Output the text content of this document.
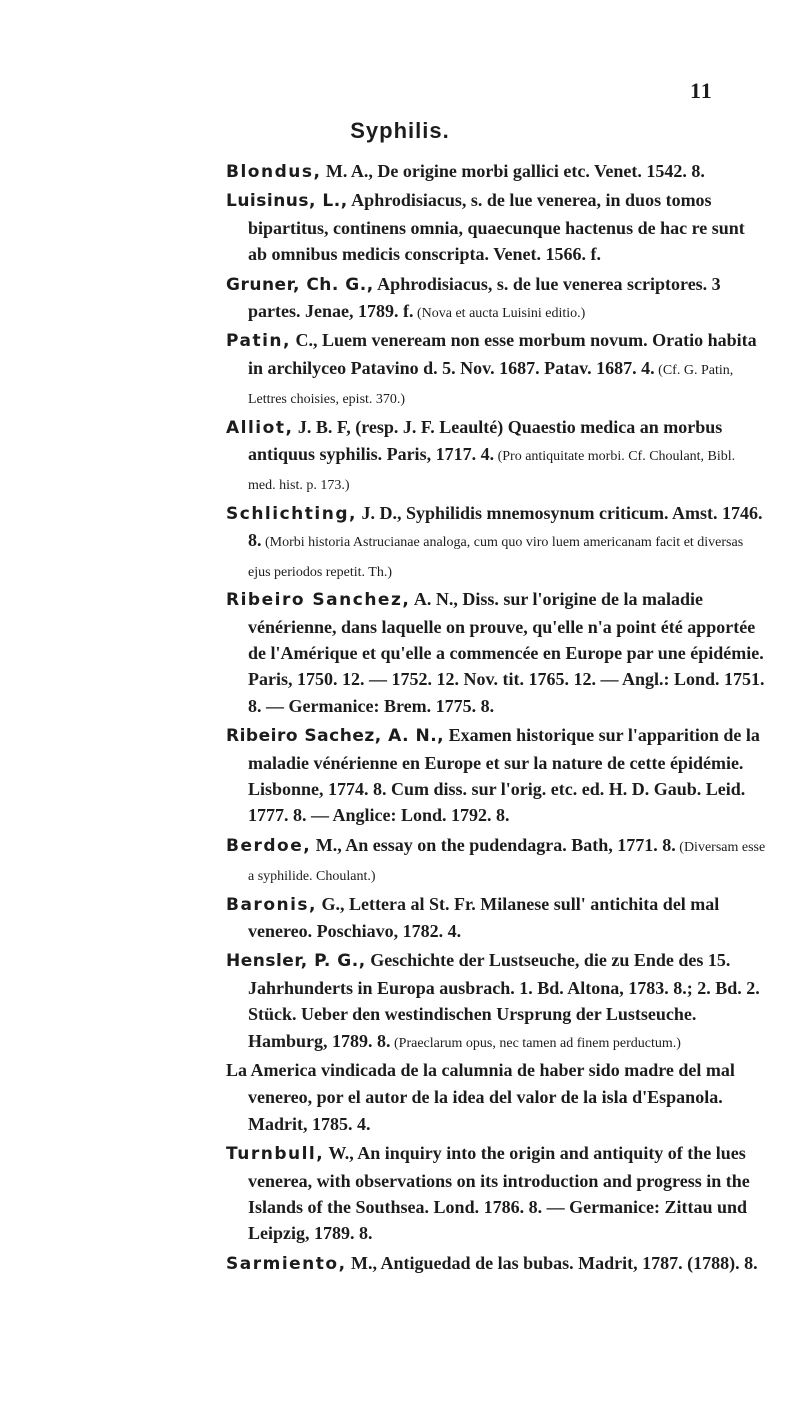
11
Syphilis.
Blondus, M. A., De origine morbi gallici etc. Venet. 1542. 8.
Luisinus, L., Aphrodisiacus, s. de lue venerea, in duos tomos bipartitus, continens omnia, quaecunque hactenus de hac re sunt ab omnibus medicis conscripta. Venet. 1566. f.
Gruner, Ch. G., Aphrodisiacus, s. de lue venerea scriptores. 3 partes. Jenae, 1789. f. (Nova et aucta Luisini editio.)
Patin, C., Luem veneream non esse morbum novum. Oratio habita in archilyceo Patavino d. 5. Nov. 1687. Patav. 1687. 4. (Cf. G. Patin, Lettres choisies, epist. 370.)
Alliot, J. B. F, (resp. J. F. Leaulté) Quaestio medica an morbus antiquus syphilis. Paris, 1717. 4. (Pro antiquitate morbi. Cf. Choulant, Bibl. med. hist. p. 173.)
Schlichting, J. D., Syphilidis mnemosynum criticum. Amst. 1746. 8. (Morbi historia Astrucianae analoga, cum quo viro luem americanam facit et diversas ejus periodos repetit. Th.)
Ribeiro Sanchez, A. N., Diss. sur l'origine de la maladie vénérienne, dans laquelle on prouve, qu'elle n'a point été apportée de l'Amérique et qu'elle a commencée en Europe par une épidémie. Paris, 1750. 12. — 1752. 12. Nov. tit. 1765. 12. — Angl.: Lond. 1751. 8. — Germanice: Brem. 1775. 8.
Ribeiro Sachez, A. N., Examen historique sur l'apparition de la maladie vénérienne en Europe et sur la nature de cette épidémie. Lisbonne, 1774. 8. Cum diss. sur l'orig. etc. ed. H. D. Gaub. Leid. 1777. 8. — Anglice: Lond. 1792. 8.
Berdoe, M., An essay on the pudendagra. Bath, 1771. 8. (Diversam esse a syphilide. Choulant.)
Baronis, G., Lettera al St. Fr. Milanese sull' antichita del mal venereo. Poschiavo, 1782. 4.
Hensler, P. G., Geschichte der Lustseuche, die zu Ende des 15. Jahrhunderts in Europa ausbrach. 1. Bd. Altona, 1783. 8.; 2. Bd. 2. Stück. Ueber den westindischen Ursprung der Lustseuche. Hamburg, 1789. 8. (Praeclarum opus, nec tamen ad finem perductum.)
La America vindicada de la calumnia de haber sido madre del mal venereo, por el autor de la idea del valor de la isla d'Espanola. Madrit, 1785. 4.
Turnbull, W., An inquiry into the origin and antiquity of the lues venerea, with observations on its introduction and progress in the Islands of the Southsea. Lond. 1786. 8. — Germanice: Zittau und Leipzig, 1789. 8.
Sarmiento, M., Antiguedad de las bubas. Madrit, 1787. (1788). 8.
